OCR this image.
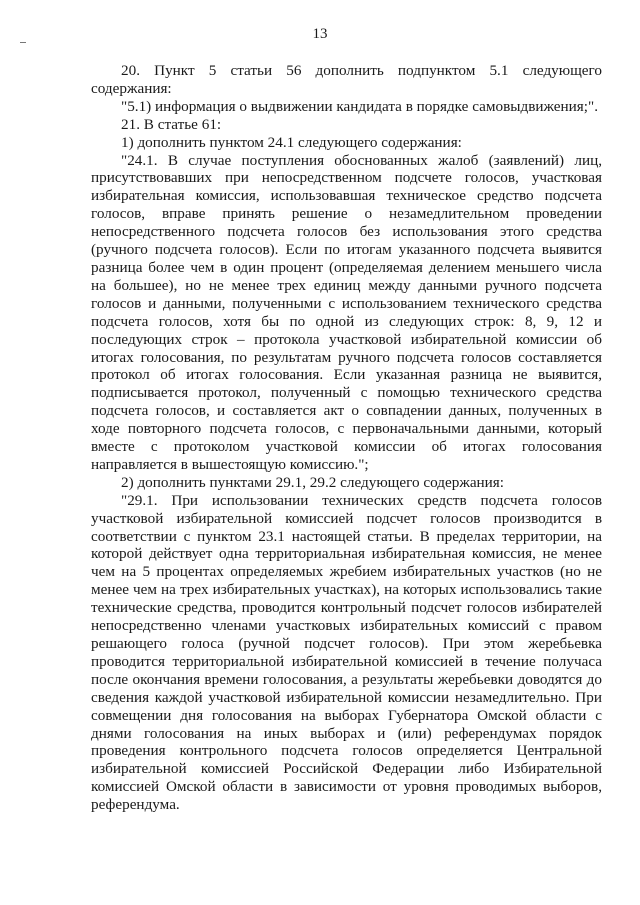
13

20. Пункт 5 статьи 56 дополнить подпунктом 5.1 следующего содержания:

"5.1) информация о выдвижении кандидата в порядке самовыдвижения;".

21. В статье 61:

1) дополнить пунктом 24.1 следующего содержания:

"24.1. В случае поступления обоснованных жалоб (заявлений) лиц, присутствовавших при непосредственном подсчете голосов, участковая избирательная комиссия, использовавшая техническое средство подсчета голосов, вправе принять решение о незамедлительном проведении непосредственного подсчета голосов без использования этого средства (ручного подсчета голосов). Если по итогам указанного подсчета выявится разница более чем в один процент (определяемая делением меньшего числа на большее), но не менее трех единиц между данными ручного подсчета голосов и данными, полученными с использованием технического средства подсчета голосов, хотя бы по одной из следующих строк: 8, 9, 12 и последующих строк – протокола участковой избирательной комиссии об итогах голосования, по результатам ручного подсчета голосов составляется протокол об итогах голосования. Если указанная разница не выявится, подписывается протокол, полученный с помощью технического средства подсчета голосов, и составляется акт о совпадении данных, полученных в ходе повторного подсчета голосов, с первоначальными данными, который вместе с протоколом участковой комиссии об итогах голосования направляется в вышестоящую комиссию.";

2) дополнить пунктами 29.1, 29.2 следующего содержания:

"29.1. При использовании технических средств подсчета голосов участковой избирательной комиссией подсчет голосов производится в соответствии с пунктом 23.1 настоящей статьи. В пределах территории, на которой действует одна территориальная избирательная комиссия, не менее чем на 5 процентах определяемых жребием избирательных участков (но не менее чем на трех избирательных участках), на которых использовались такие технические средства, проводится контрольный подсчет голосов избирателей непосредственно членами участковых избирательных комиссий с правом решающего голоса (ручной подсчет голосов). При этом жеребьевка проводится территориальной избирательной комиссией в течение получаса после окончания времени голосования, а результаты жеребьевки доводятся до сведения каждой участковой избирательной комиссии незамедлительно. При совмещении дня голосования на выборах Губернатора Омской области с днями голосования на иных выборах и (или) референдумах порядок проведения контрольного подсчета голосов определяется Центральной избирательной комиссией Российской Федерации либо Избирательной комиссией Омской области в зависимости от уровня проводимых выборов, референдума.
